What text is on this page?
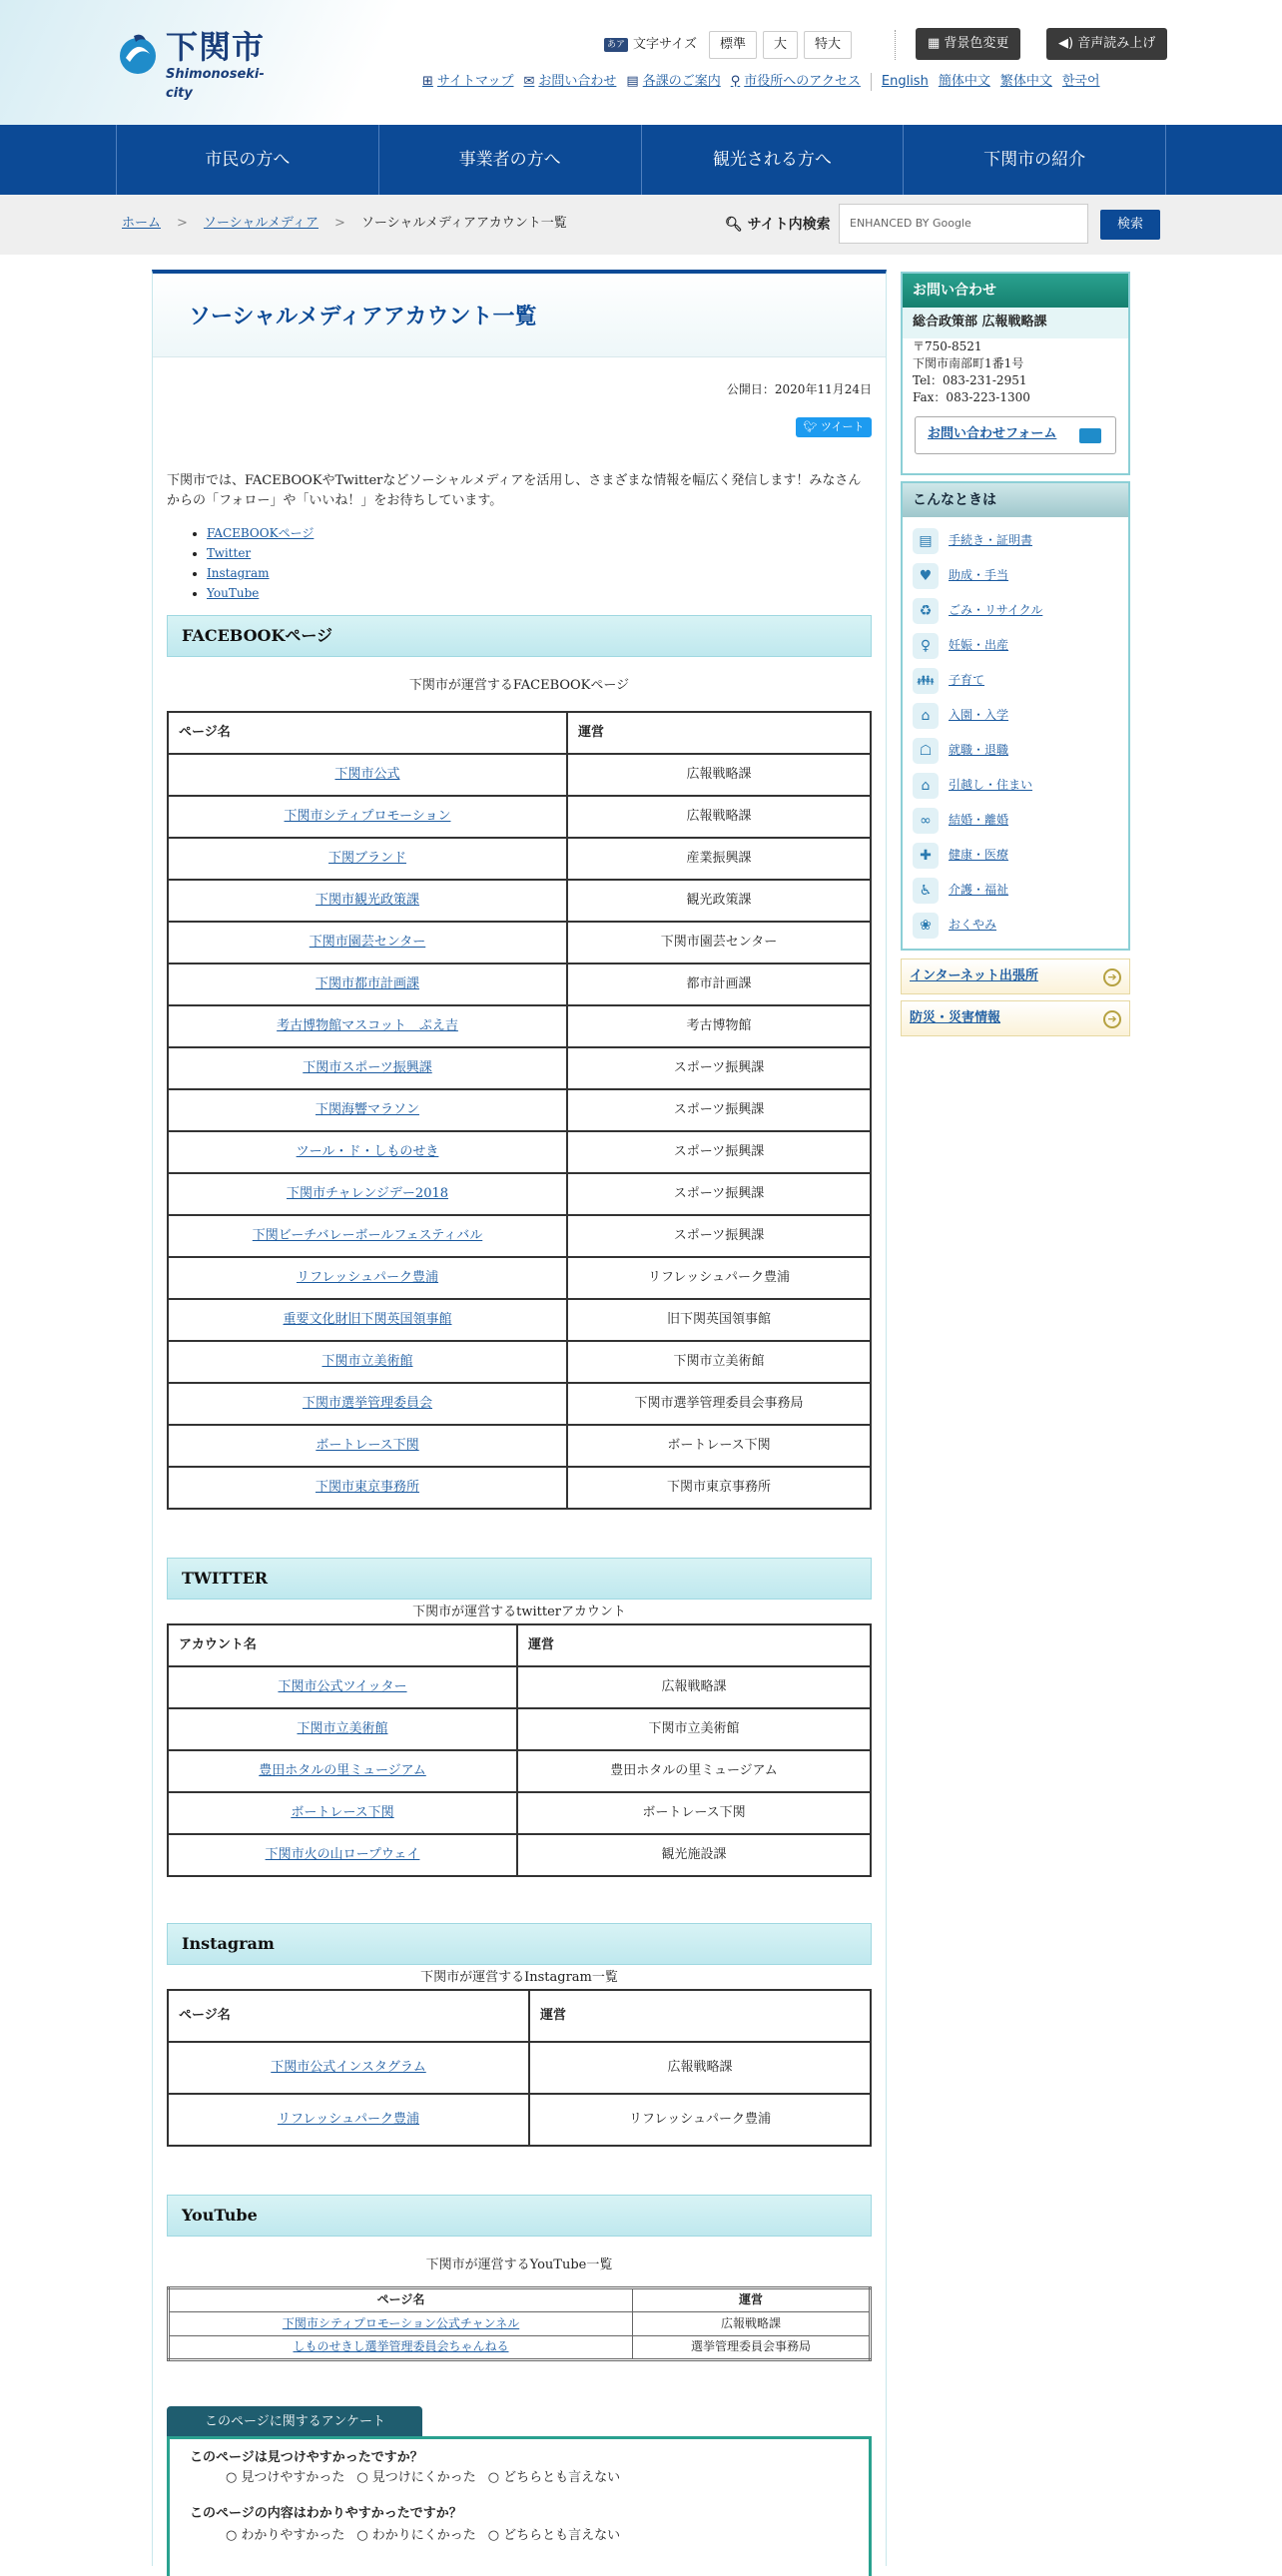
下関市
Shimonoseki-city
あア 文字サイズ	標準	大	特大	▦ 背景色変更	◀) 音声読み上げ
⊞ サイトマップ ✉ お問い合わせ ▤ 各課のご案内 ⚲ 市役所へのアクセス English 簡体中文 繁体中文 한국어
市民の方へ	事業者の方へ	観光される方へ	下関市の紹介
ホーム > ソーシャルメディア > ソーシャルメディアアカウント一覧	🔍︎ サイト内検索	ENHANCED BY Google	検索
ソーシャルメディアアカウント一覧
公開日：2020年11月24日
🐦︎ ツイート

下関市では、FACEBOOKやTwitterなどソーシャルメディアを活用し、さまざまな情報を幅広く発信します！みなさんからの「フォロー」や「いいね！」をお待ちしています。

• FACEBOOKページ
• Twitter
• Instagram
• YouTube
FACEBOOKページ
下関市が運営するFACEBOOKページ
ページ名	運営
下関市公式	広報戦略課
下関市シティプロモーション	広報戦略課
下関ブランド	産業振興課
下関市観光政策課	観光政策課
下関市園芸センター	下関市園芸センター
下関市都市計画課	都市計画課
考古博物館マスコット　ぷえ吉	考古博物館
下関市スポーツ振興課	スポーツ振興課
下関海響マラソン	スポーツ振興課
ツール・ド・しものせき	スポーツ振興課
下関市チャレンジデー2018	スポーツ振興課
下関ビーチバレーボールフェスティバル	スポーツ振興課
リフレッシュパーク豊浦	リフレッシュパーク豊浦
重要文化財旧下関英国領事館	旧下関英国領事館
下関市立美術館	下関市立美術館
下関市選挙管理委員会	下関市選挙管理委員会事務局
ボートレース下関	ボートレース下関
下関市東京事務所	下関市東京事務所
TWITTER
下関市が運営するtwitterアカウント
アカウント名	運営
下関市公式ツイッター	広報戦略課
下関市立美術館	下関市立美術館
豊田ホタルの里ミュージアム	豊田ホタルの里ミュージアム
ボートレース下関	ボートレース下関
下関市火の山ロープウェイ	観光施設課
Instagram
下関市が運営するInstagram一覧
ページ名	運営
下関市公式インスタグラム	広報戦略課
リフレッシュパーク豊浦	リフレッシュパーク豊浦
YouTube
下関市が運営するYouTube一覧
ページ名	運営
下関市シティプロモーション公式チャンネル	広報戦略課
しものせきし選挙管理委員会ちゃんねる	選挙管理委員会事務局
このページに関するアンケート
このページは見つけやすかったですか？
○ 見つけやすかった	○ 見つけにくかった	○ どちらとも言えない
このページの内容はわかりやすかったですか？
○ わかりやすかった	○ わかりにくかった	○ どちらとも言えない
お問い合わせ
総合政策部 広報戦略課
〒750-8521
下関市南部町1番1号
Tel：083-231-2951
Fax：083-223-1300
お問い合わせフォーム
こんなときは
▤	手続き・証明書
♥	助成・手当
♻	ごみ・リサイクル
♀	妊娠・出産
👪︎	子育て
⌂	入園・入学
☖	就職・退職
⌂	引越し・住まい
∞	結婚・離婚
✚	健康・医療
♿	介護・福祉
❀	おくやみ
インターネット出張所	➔
防災・災害情報	➔
